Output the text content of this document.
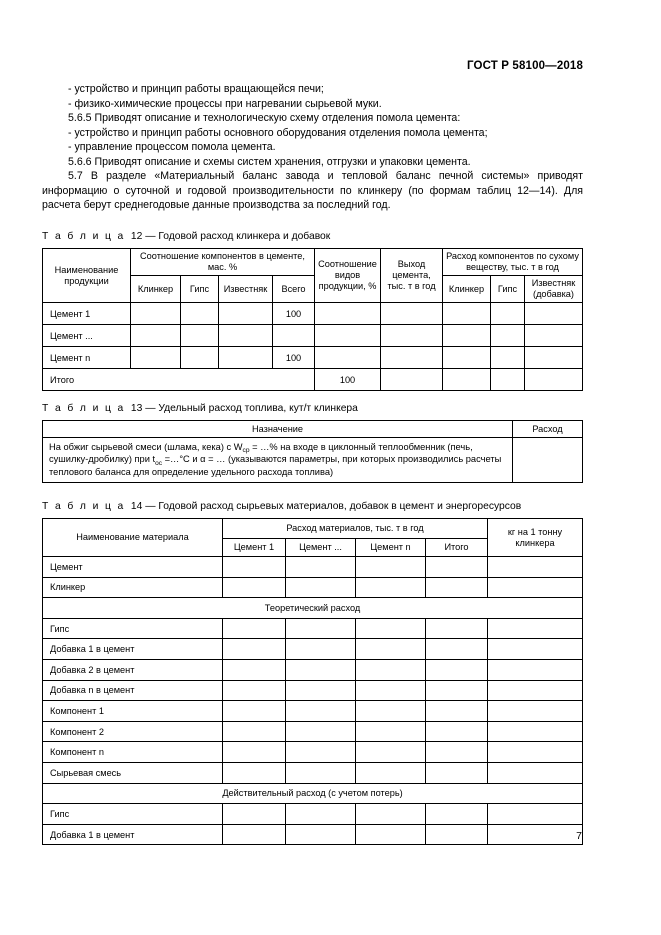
ГОСТ Р 58100—2018

- устройство и принцип работы вращающейся печи;

- физико-химические процессы при нагревании сырьевой муки.

5.6.5 Приводят описание и технологическую схему отделения помола цемента:

- устройство и принцип работы основного оборудования отделения помола цемента;

- управление процессом помола цемента.

5.6.6 Приводят описание и схемы систем хранения, отгрузки и упаковки цемента.

5.7 В разделе «Материальный баланс завода и тепловой баланс печной системы» приводят информацию о суточной и годовой производительности по клинкеру (по формам таблиц 12—14). Для расчета берут среднегодовые данные производства за последний год.

Т а б л и ц а 12 — Годовой расход клинкера и добавок
Наименование продукции	Соотношение компонентов в цементе, мас. %				Соотношение видов продукции, %	Выход цемента, тыс. т в год	Расход компонентов по сухому веществу, тыс. т в год		
	Клинкер	Гипс	Известняк	Всего			Клинкер	Гипс	Известняк (добавка)
Цемент 1				100					
Цемент ...									
Цемент n				100					
Итого					100				
Т а б л и ц а 13 — Удельный расход топлива, кут/т клинкера
Назначение	Расход
На обжиг сырьевой смеси (шлама, кека) с $W_{ср}$ = …% на входе в циклонный теплообменник (печь, сушилку-дробилку) при $t_{ос}$ =…°С и α = … (указываются параметры, при которых производились расчеты теплового баланса для определение удельного расхода топлива)	
Т а б л и ц а 14 — Годовой расход сырьевых материалов, добавок в цемент и энергоресурсов
Наименование материала	Расход материалов, тыс. т в год				кг на 1 тонну клинкера
	Цемент 1	Цемент ...	Цемент n	Итого	
Цемент					
Клинкер					
Теоретический расход					
Гипс					
Добавка 1 в цемент					
Добавка 2 в цемент					
Добавка n в цемент					
Компонент 1					
Компонент 2					
Компонент n					
Сырьевая смесь					
Действительный расход (с учетом потерь)					
Гипс					
Добавка 1 в цемент						7
